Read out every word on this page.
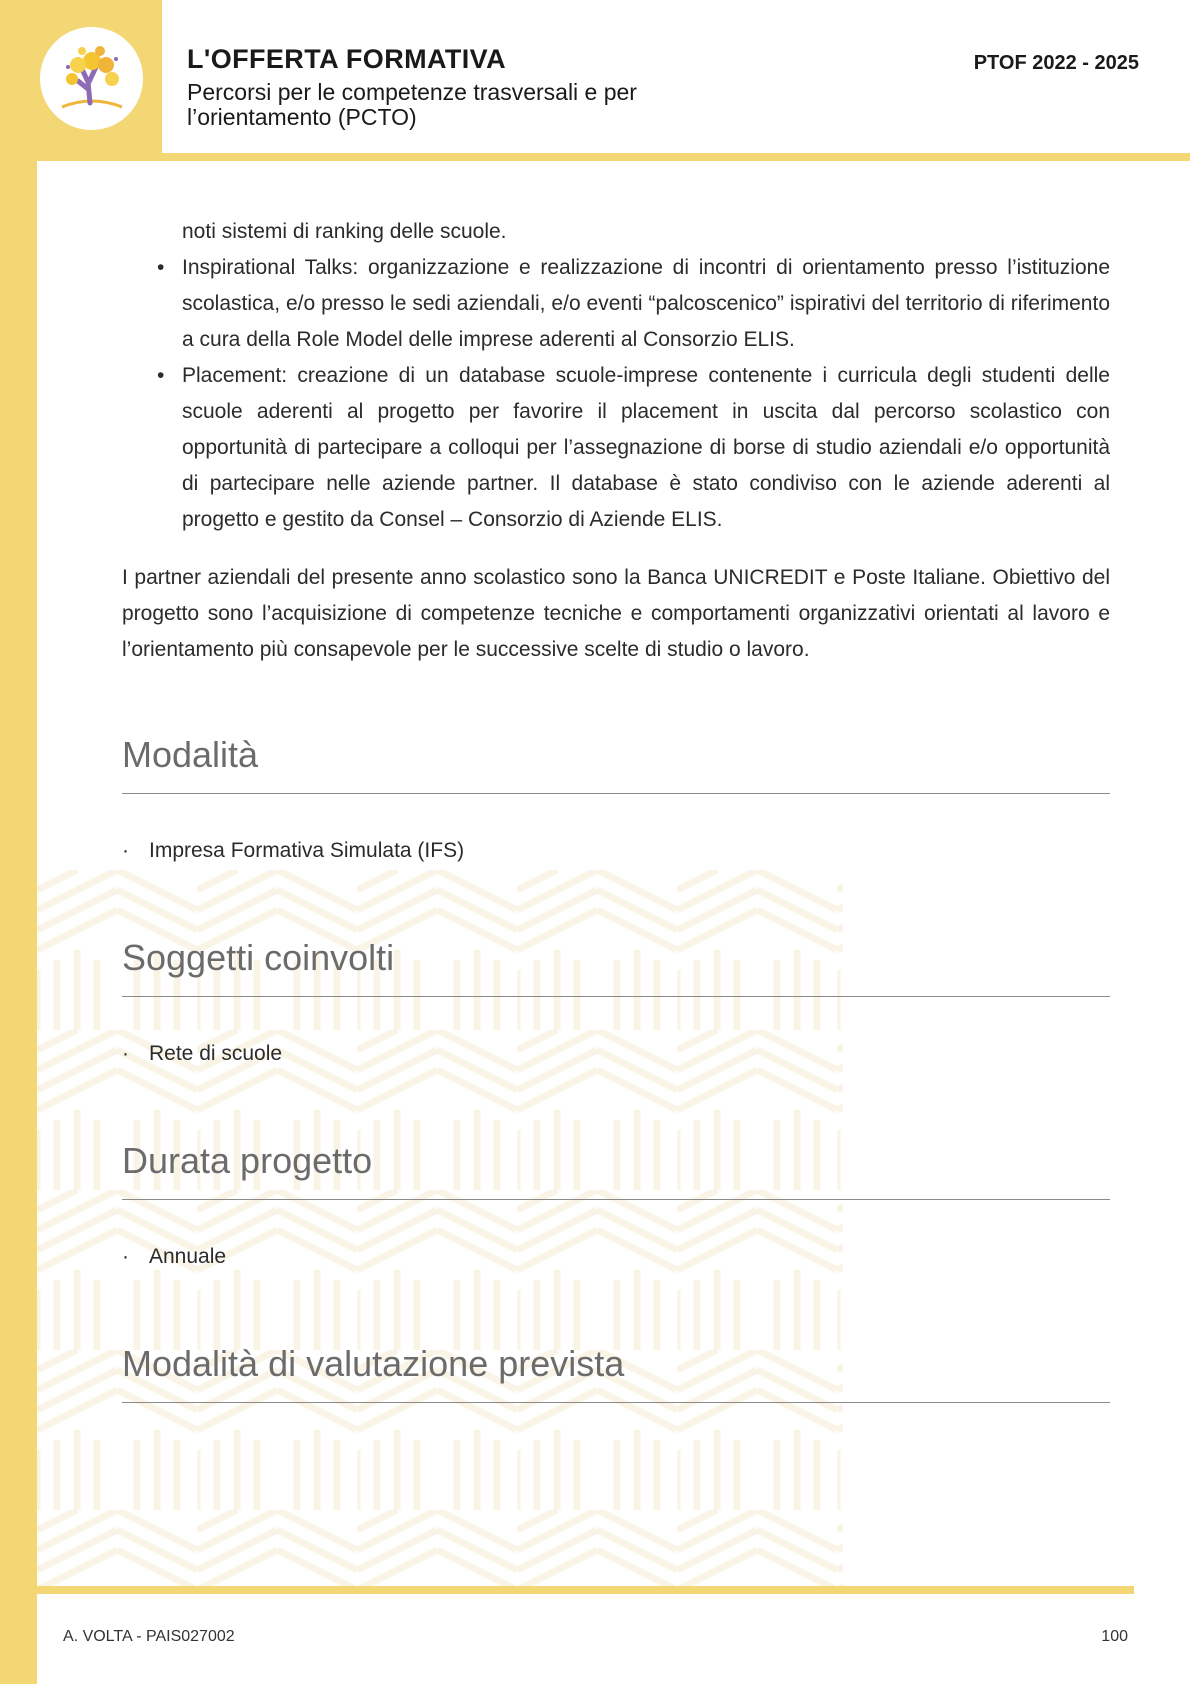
L'OFFERTA FORMATIVA
Percorsi per le competenze trasversali e per l’orientamento (PCTO)
PTOF 2022 - 2025
noti sistemi di ranking delle scuole.
• Inspirational Talks: organizzazione e realizzazione di incontri di orientamento presso l’istituzione scolastica, e/o presso le sedi aziendali, e/o eventi “palcoscenico” ispirativi del territorio di riferimento a cura della Role Model delle imprese aderenti al Consorzio ELIS.
• Placement: creazione di un database scuole-imprese contenente i curricula degli studenti delle scuole aderenti al progetto per favorire il placement in uscita dal percorso scolastico con opportunità di partecipare a colloqui per l’assegnazione di borse di studio aziendali e/o opportunità di partecipare nelle aziende partner. Il database è stato condiviso con le aziende aderenti al progetto e gestito da Consel – Consorzio di Aziende ELIS.

I partner aziendali del presente anno scolastico sono la Banca UNICREDIT e Poste Italiane. Obiettivo del progetto sono l’acquisizione di competenze tecniche e comportamenti organizzativi orientati al lavoro e l’orientamento più consapevole per le successive scelte di studio o lavoro.

Modalità
· Impresa Formativa Simulata (IFS)
Soggetti coinvolti
· Rete di scuole
Durata progetto
· Annuale
Modalità di valutazione prevista
A. VOLTA - PAIS027002	100
